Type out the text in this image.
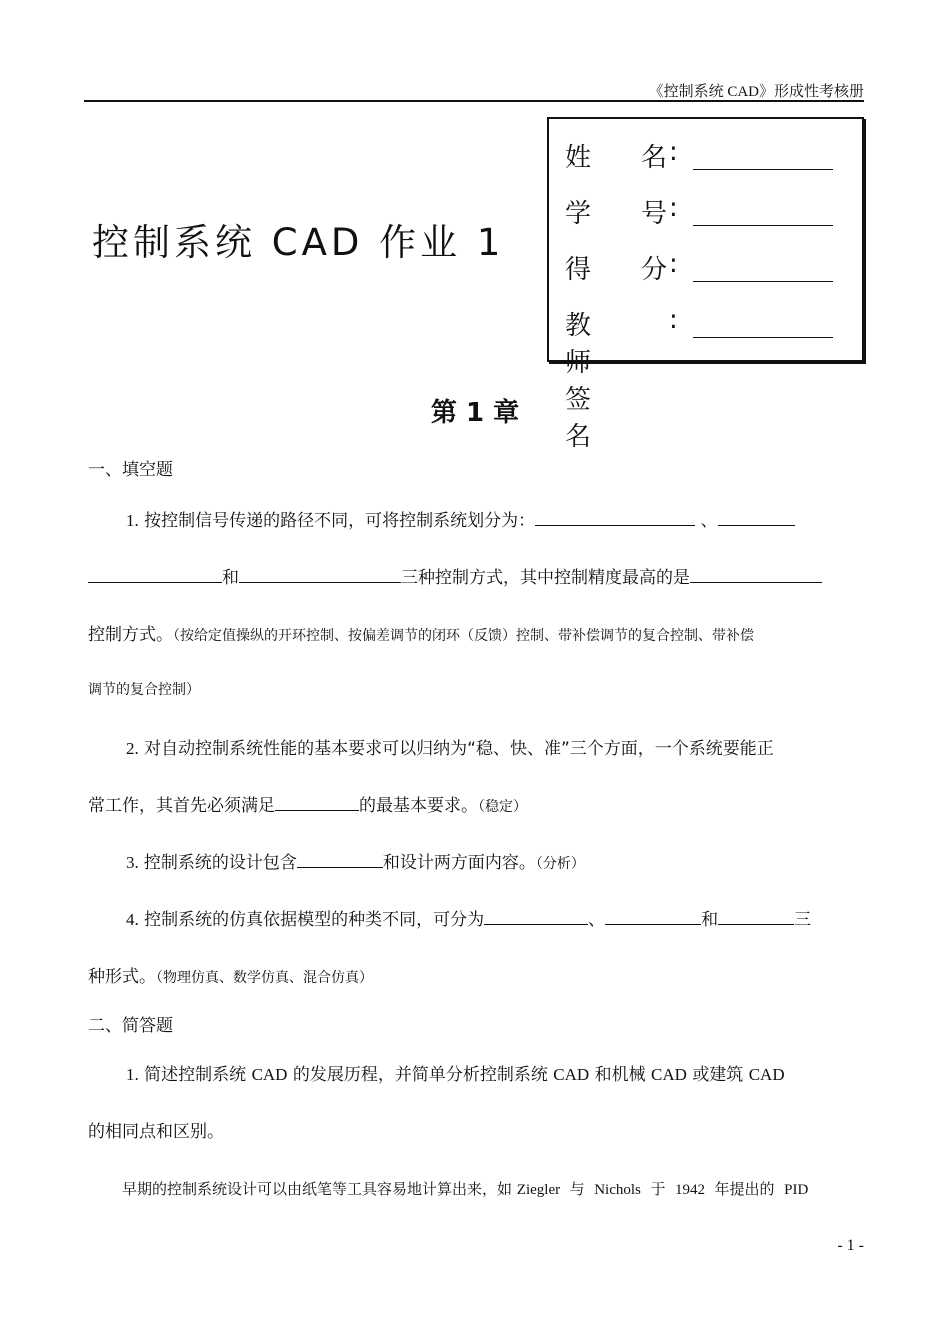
《控制系统 CAD》形成性考核册
控制系统 CAD 作业 1
姓 名 :
学 号 :
得 分 :
教师签名
:
第 1 章
一、填空题
1. 按控制信号传递的路径不同，可将控制系统划分为：	、
和	三种控制方式，其中控制精度最高的是
控制方式。（按给定值操纵的开环控制、按偏差调节的闭环（反馈）控制、带补偿调节的复合控制、带补偿
调节的复合控制）
2. 对自动控制系统性能的基本要求可以归纳为“稳、快、准”三个方面，一个系统要能正
常工作，其首先必须满足	的最基本要求。（稳定）
3. 控制系统的设计包含	和设计两方面内容。（分析）
4. 控制系统的仿真依据模型的种类不同，可分为	、	和	三
种形式。（物理仿真、数学仿真、混合仿真）
二、简答题
1. 简述控制系统 CAD 的发展历程，并简单分析控制系统 CAD 和机械 CAD 或建筑 CAD
的相同点和区别。
早期的控制系统设计可以由纸笔等工具容易地计算出来，如 Ziegler 与 Nichols 于 1942 年提出的 PID
- 1 -
